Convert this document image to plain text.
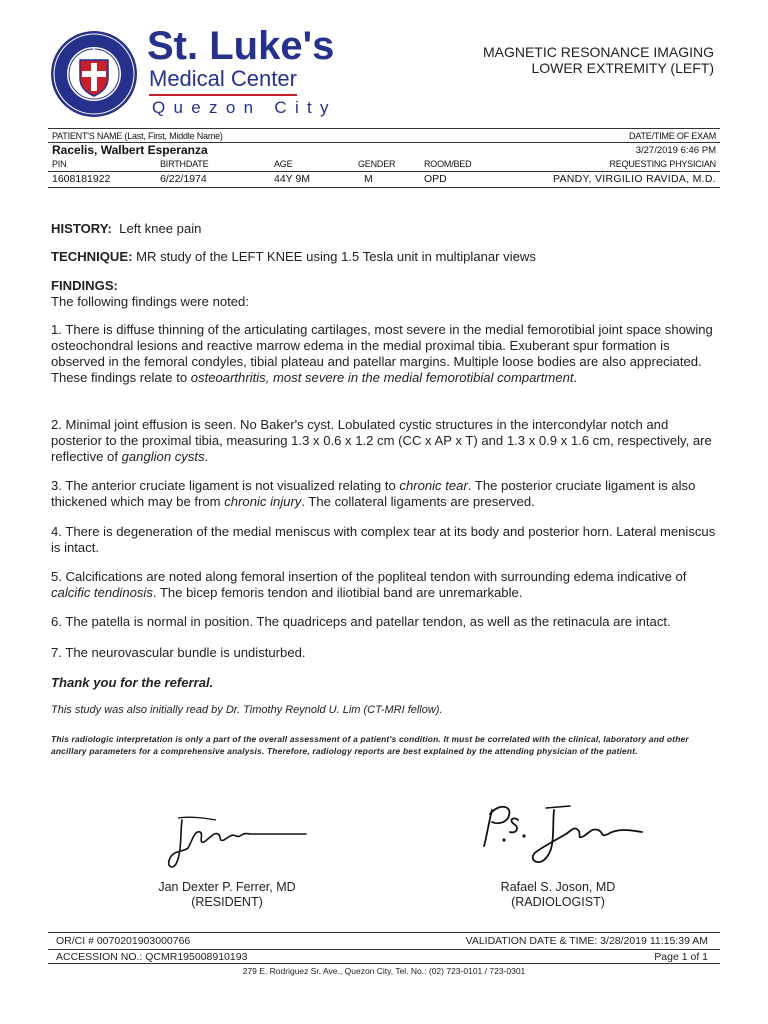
St. Luke's
Medical Center
Quezon City
MAGNETIC RESONANCE IMAGING
LOWER EXTREMITY (LEFT)
PATIENT'S NAME (Last, First, Middle Name)	DATE/TIME OF EXAM
Racelis, Walbert Esperanza	3/27/2019 6:46 PM
PIN	BIRTHDATE	AGE	GENDER	ROOM/BED	REQUESTING PHYSICIAN
1608181922	6/22/1974	44Y 9M	M	OPD	PANDY, VIRGILIO RAVIDA, M.D.
HISTORY: Left knee pain
TECHNIQUE: MR study of the LEFT KNEE using 1.5 Tesla unit in multiplanar views
FINDINGS:
The following findings were noted:
1. There is diffuse thinning of the articulating cartilages, most severe in the medial femorotibial joint space showing osteochondral lesions and reactive marrow edema in the medial proximal tibia. Exuberant spur formation is observed in the femoral condyles, tibial plateau and patellar margins. Multiple loose bodies are also appreciated. These findings relate to osteoarthritis, most severe in the medial femorotibial compartment.
2. Minimal joint effusion is seen. No Baker's cyst. Lobulated cystic structures in the intercondylar notch and posterior to the proximal tibia, measuring 1.3 x 0.6 x 1.2 cm (CC x AP x T) and 1.3 x 0.9 x 1.6 cm, respectively, are reflective of ganglion cysts.
3. The anterior cruciate ligament is not visualized relating to chronic tear. The posterior cruciate ligament is also thickened which may be from chronic injury. The collateral ligaments are preserved.
4. There is degeneration of the medial meniscus with complex tear at its body and posterior horn. Lateral meniscus is intact.
5. Calcifications are noted along femoral insertion of the popliteal tendon with surrounding edema indicative of calcific tendinosis. The bicep femoris tendon and iliotibial band are unremarkable.
6. The patella is normal in position. The quadriceps and patellar tendon, as well as the retinacula are intact.
7. The neurovascular bundle is undisturbed.
Thank you for the referral.
This study was also initially read by Dr. Timothy Reynold U. Lim (CT-MRI fellow).
This radiologic interpretation is only a part of the overall assessment of a patient's condition. It must be correlated with the clinical, laboratory and other ancillary parameters for a comprehensive analysis. Therefore, radiology reports are best explained by the attending physician of the patient.
Jan Dexter P. Ferrer, MD
(RESIDENT)
Rafael S. Joson, MD
(RADIOLOGIST)
OR/CI # 0070201903000766	VALIDATION DATE & TIME: 3/28/2019 11:15:39 AM
ACCESSION NO.: QCMR195008910193	Page 1 of 1
279 E. Rodriguez Sr. Ave., Quezon City, Tel. No.: (02) 723-0101 / 723-0301
